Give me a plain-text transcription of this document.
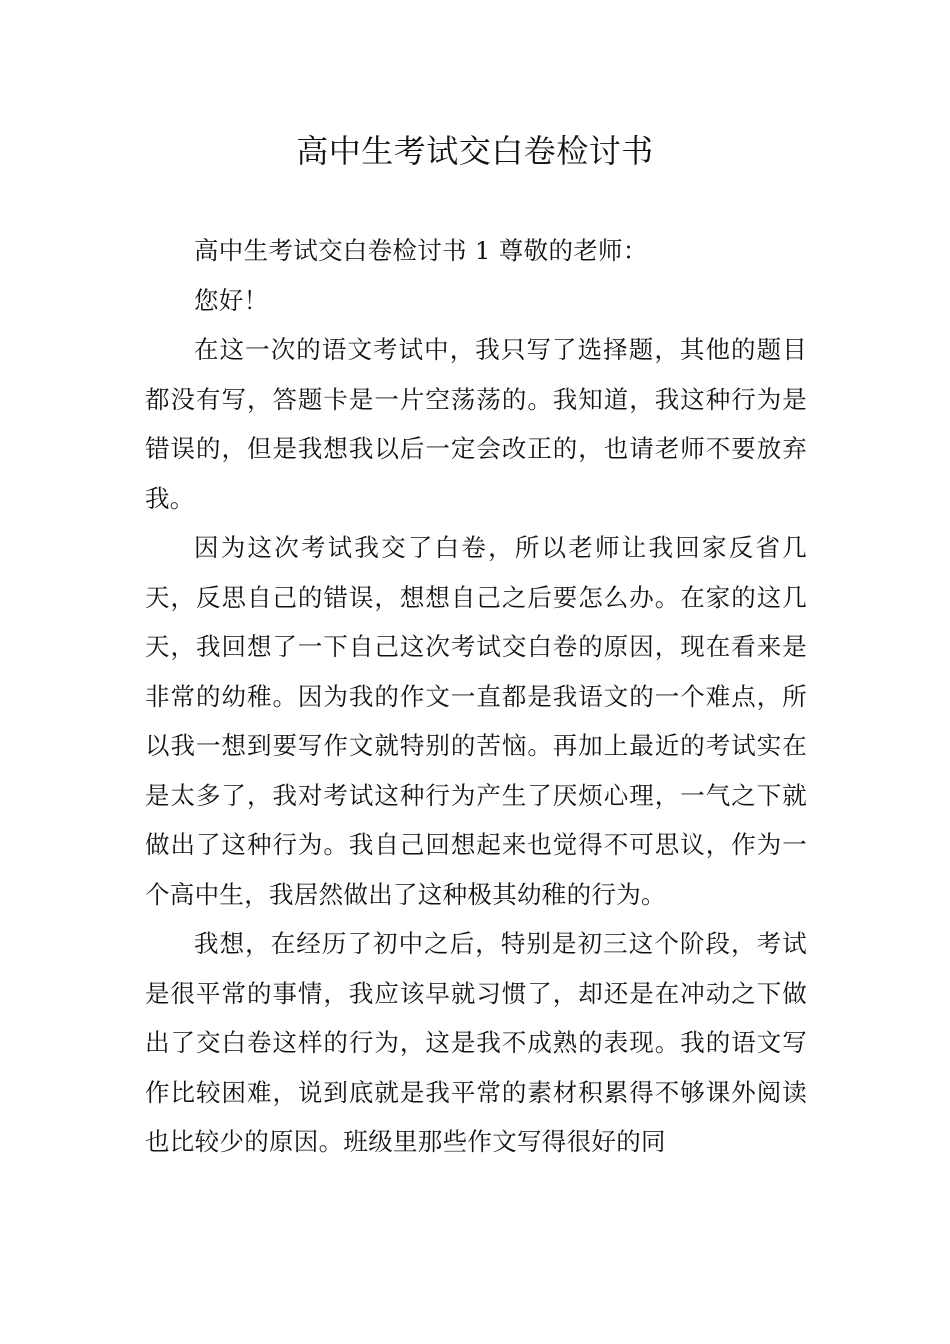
高中生考试交白卷检讨书

高中生考试交白卷检讨书 1 尊敬的老师：

您好！

在这一次的语文考试中，我只写了选择题，其他的题目都没有写，答题卡是一片空荡荡的。我知道，我这种行为是错误的，但是我想我以后一定会改正的，也请老师不要放弃我。

因为这次考试我交了白卷，所以老师让我回家反省几天，反思自己的错误，想想自己之后要怎么办。在家的这几天，我回想了一下自己这次考试交白卷的原因，现在看来是非常的幼稚。因为我的作文一直都是我语文的一个难点，所以我一想到要写作文就特别的苦恼。再加上最近的考试实在是太多了，我对考试这种行为产生了厌烦心理，一气之下就做出了这种行为。我自己回想起来也觉得不可思议，作为一个高中生，我居然做出了这种极其幼稚的行为。

我想，在经历了初中之后，特别是初三这个阶段，考试是很平常的事情，我应该早就习惯了，却还是在冲动之下做出了交白卷这样的行为，这是我不成熟的表现。我的语文写作比较困难，说到底就是我平常的素材积累得不够课外阅读也比较少的原因。班级里那些作文写得很好的同
